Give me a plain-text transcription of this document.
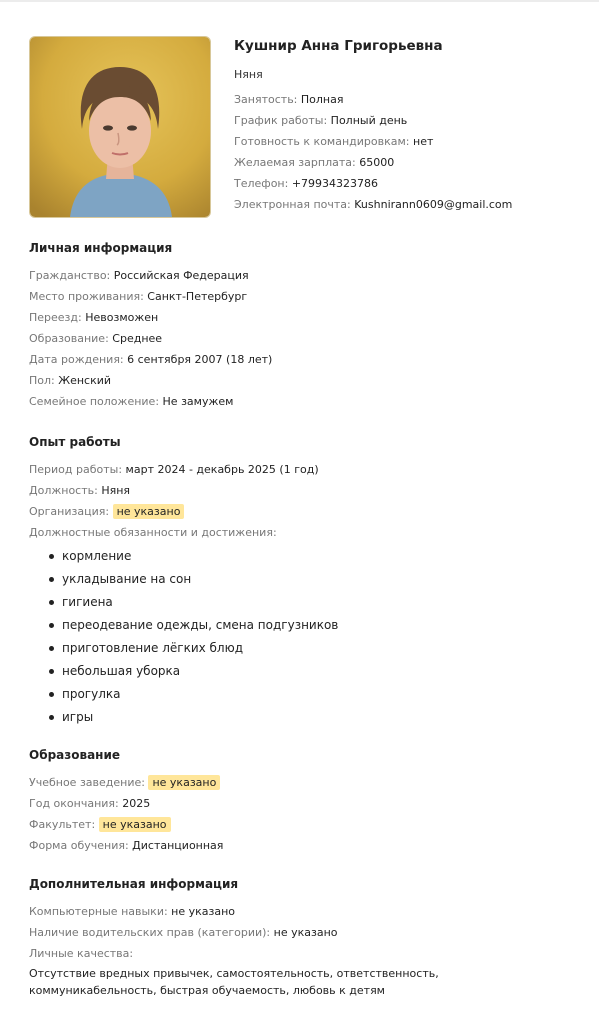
Кушнир Анна Григорьевна
Няня
Занятость: Полная
График работы: Полный день
Готовность к командировкам: нет
Желаемая зарплата: 65000
Телефон: +79934323786
Электронная почта: Kushnirann0609@gmail.com
Личная информация
Гражданство: Российская Федерация
Место проживания: Санкт-Петербург
Переезд: Невозможен
Образование: Среднее
Дата рождения: 6 сентября 2007 (18 лет)
Пол: Женский
Семейное положение: Не замужем
Опыт работы
Период работы: март 2024 - декабрь 2025 (1 год)
Должность: Няня
Организация: не указано
Должностные обязанности и достижения:
кормление
укладывание на сон
гигиена
переодевание одежды, смена подгузников
приготовление лёгких блюд
небольшая уборка
прогулка
игры
Образование
Учебное заведение: не указано
Год окончания: 2025
Факультет: не указано
Форма обучения: Дистанционная
Дополнительная информация
Компьютерные навыки: не указано
Наличие водительских прав (категории): не указано
Личные качества:
Отсутствие вредных привычек, самостоятельность, ответственность, коммуникабельность, быстрая обучаемость, любовь к детям
